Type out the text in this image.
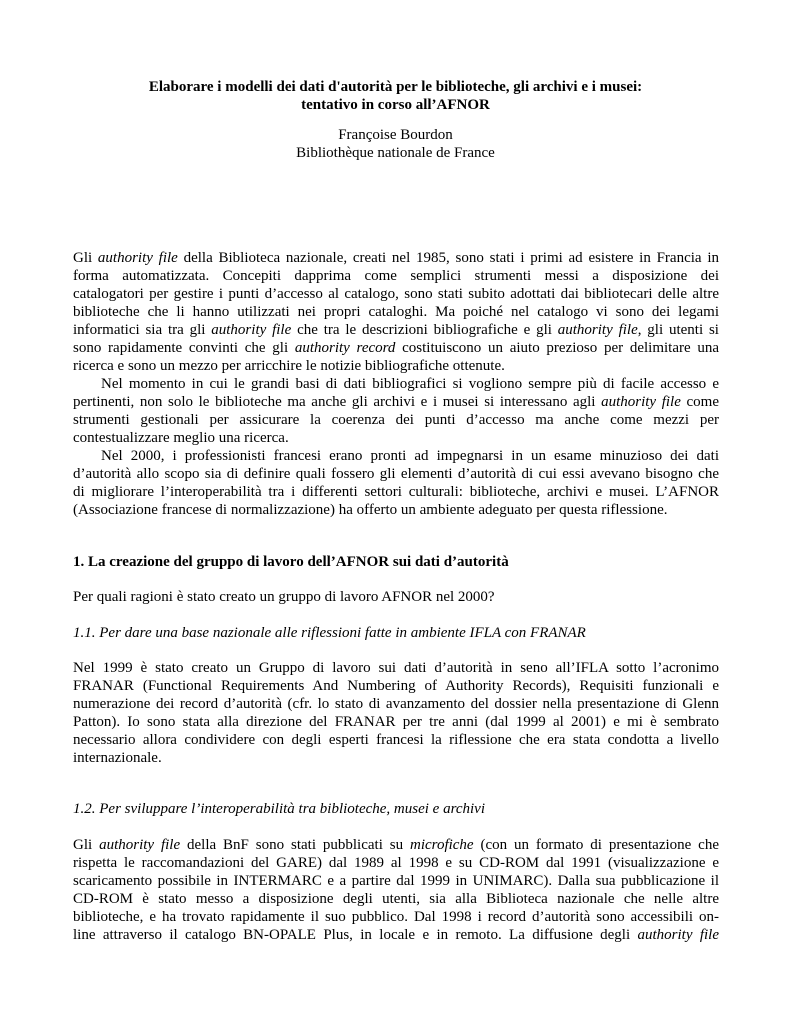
Elaborare i modelli dei dati d'autorità per le biblioteche, gli archivi e i musei:
tentativo in corso all’AFNOR
Françoise Bourdon
Bibliothèque nationale de France
Gli authority file della Biblioteca nazionale, creati nel 1985, sono stati i primi ad esistere in Francia in
forma automatizzata. Concepiti dapprima come semplici strumenti messi a disposizione dei
catalogatori per gestire i punti d’accesso al catalogo, sono stati subito adottati dai bibliotecari delle altre
biblioteche che li hanno utilizzati nei propri cataloghi. Ma poiché nel catalogo vi sono dei legami
informatici sia tra gli authority file che tra le descrizioni bibliografiche e gli authority file, gli utenti si
sono rapidamente convinti che gli authority record costituiscono un aiuto prezioso per delimitare una
ricerca e sono un mezzo per arricchire le notizie bibliografiche ottenute.
Nel momento in cui le grandi basi di dati bibliografici si vogliono sempre più di facile accesso e
pertinenti, non solo le biblioteche ma anche gli archivi e i musei si interessano agli authority file come
strumenti gestionali per assicurare la coerenza dei punti d’accesso ma anche come mezzi per
contestualizzare meglio una ricerca.
Nel 2000, i professionisti francesi erano pronti ad impegnarsi in un esame minuzioso dei dati
d’autorità allo scopo sia di definire quali fossero gli elementi d’autorità di cui essi avevano bisogno che
di migliorare l’interoperabilità tra i differenti settori culturali: biblioteche, archivi e musei. L’AFNOR
(Associazione francese di normalizzazione) ha offerto un ambiente adeguato per questa riflessione.
1. La creazione del gruppo di lavoro dell’AFNOR sui dati d’autorità
Per quali ragioni è stato creato un gruppo di lavoro AFNOR nel 2000?
1.1. Per dare una base nazionale alle riflessioni fatte in ambiente IFLA con FRANAR
Nel 1999 è stato creato un Gruppo di lavoro sui dati d’autorità in seno all’IFLA sotto l’acronimo
FRANAR (Functional Requirements And Numbering of Authority Records), Requisiti funzionali e
numerazione dei record d’autorità (cfr. lo stato di avanzamento del dossier nella presentazione di Glenn
Patton). Io sono stata alla direzione del FRANAR per tre anni (dal 1999 al 2001) e mi è sembrato
necessario allora condividere con degli esperti francesi la riflessione che era stata condotta a livello
internazionale.
1.2. Per sviluppare l’interoperabilità tra biblioteche, musei e archivi
Gli authority file della BnF sono stati pubblicati su microfiche (con un formato di presentazione che
rispetta le raccomandazioni del GARE) dal 1989 al 1998 e su CD-ROM dal 1991 (visualizzazione e
scaricamento possibile in INTERMARC e a partire dal 1999 in UNIMARC). Dalla sua pubblicazione il
CD-ROM è stato messo a disposizione degli utenti, sia alla Biblioteca nazionale che nelle altre
biblioteche, e ha trovato rapidamente il suo pubblico. Dal 1998 i record d’autorità sono accessibili on-
line attraverso il catalogo BN-OPALE Plus, in locale e in remoto. La diffusione degli authority file
